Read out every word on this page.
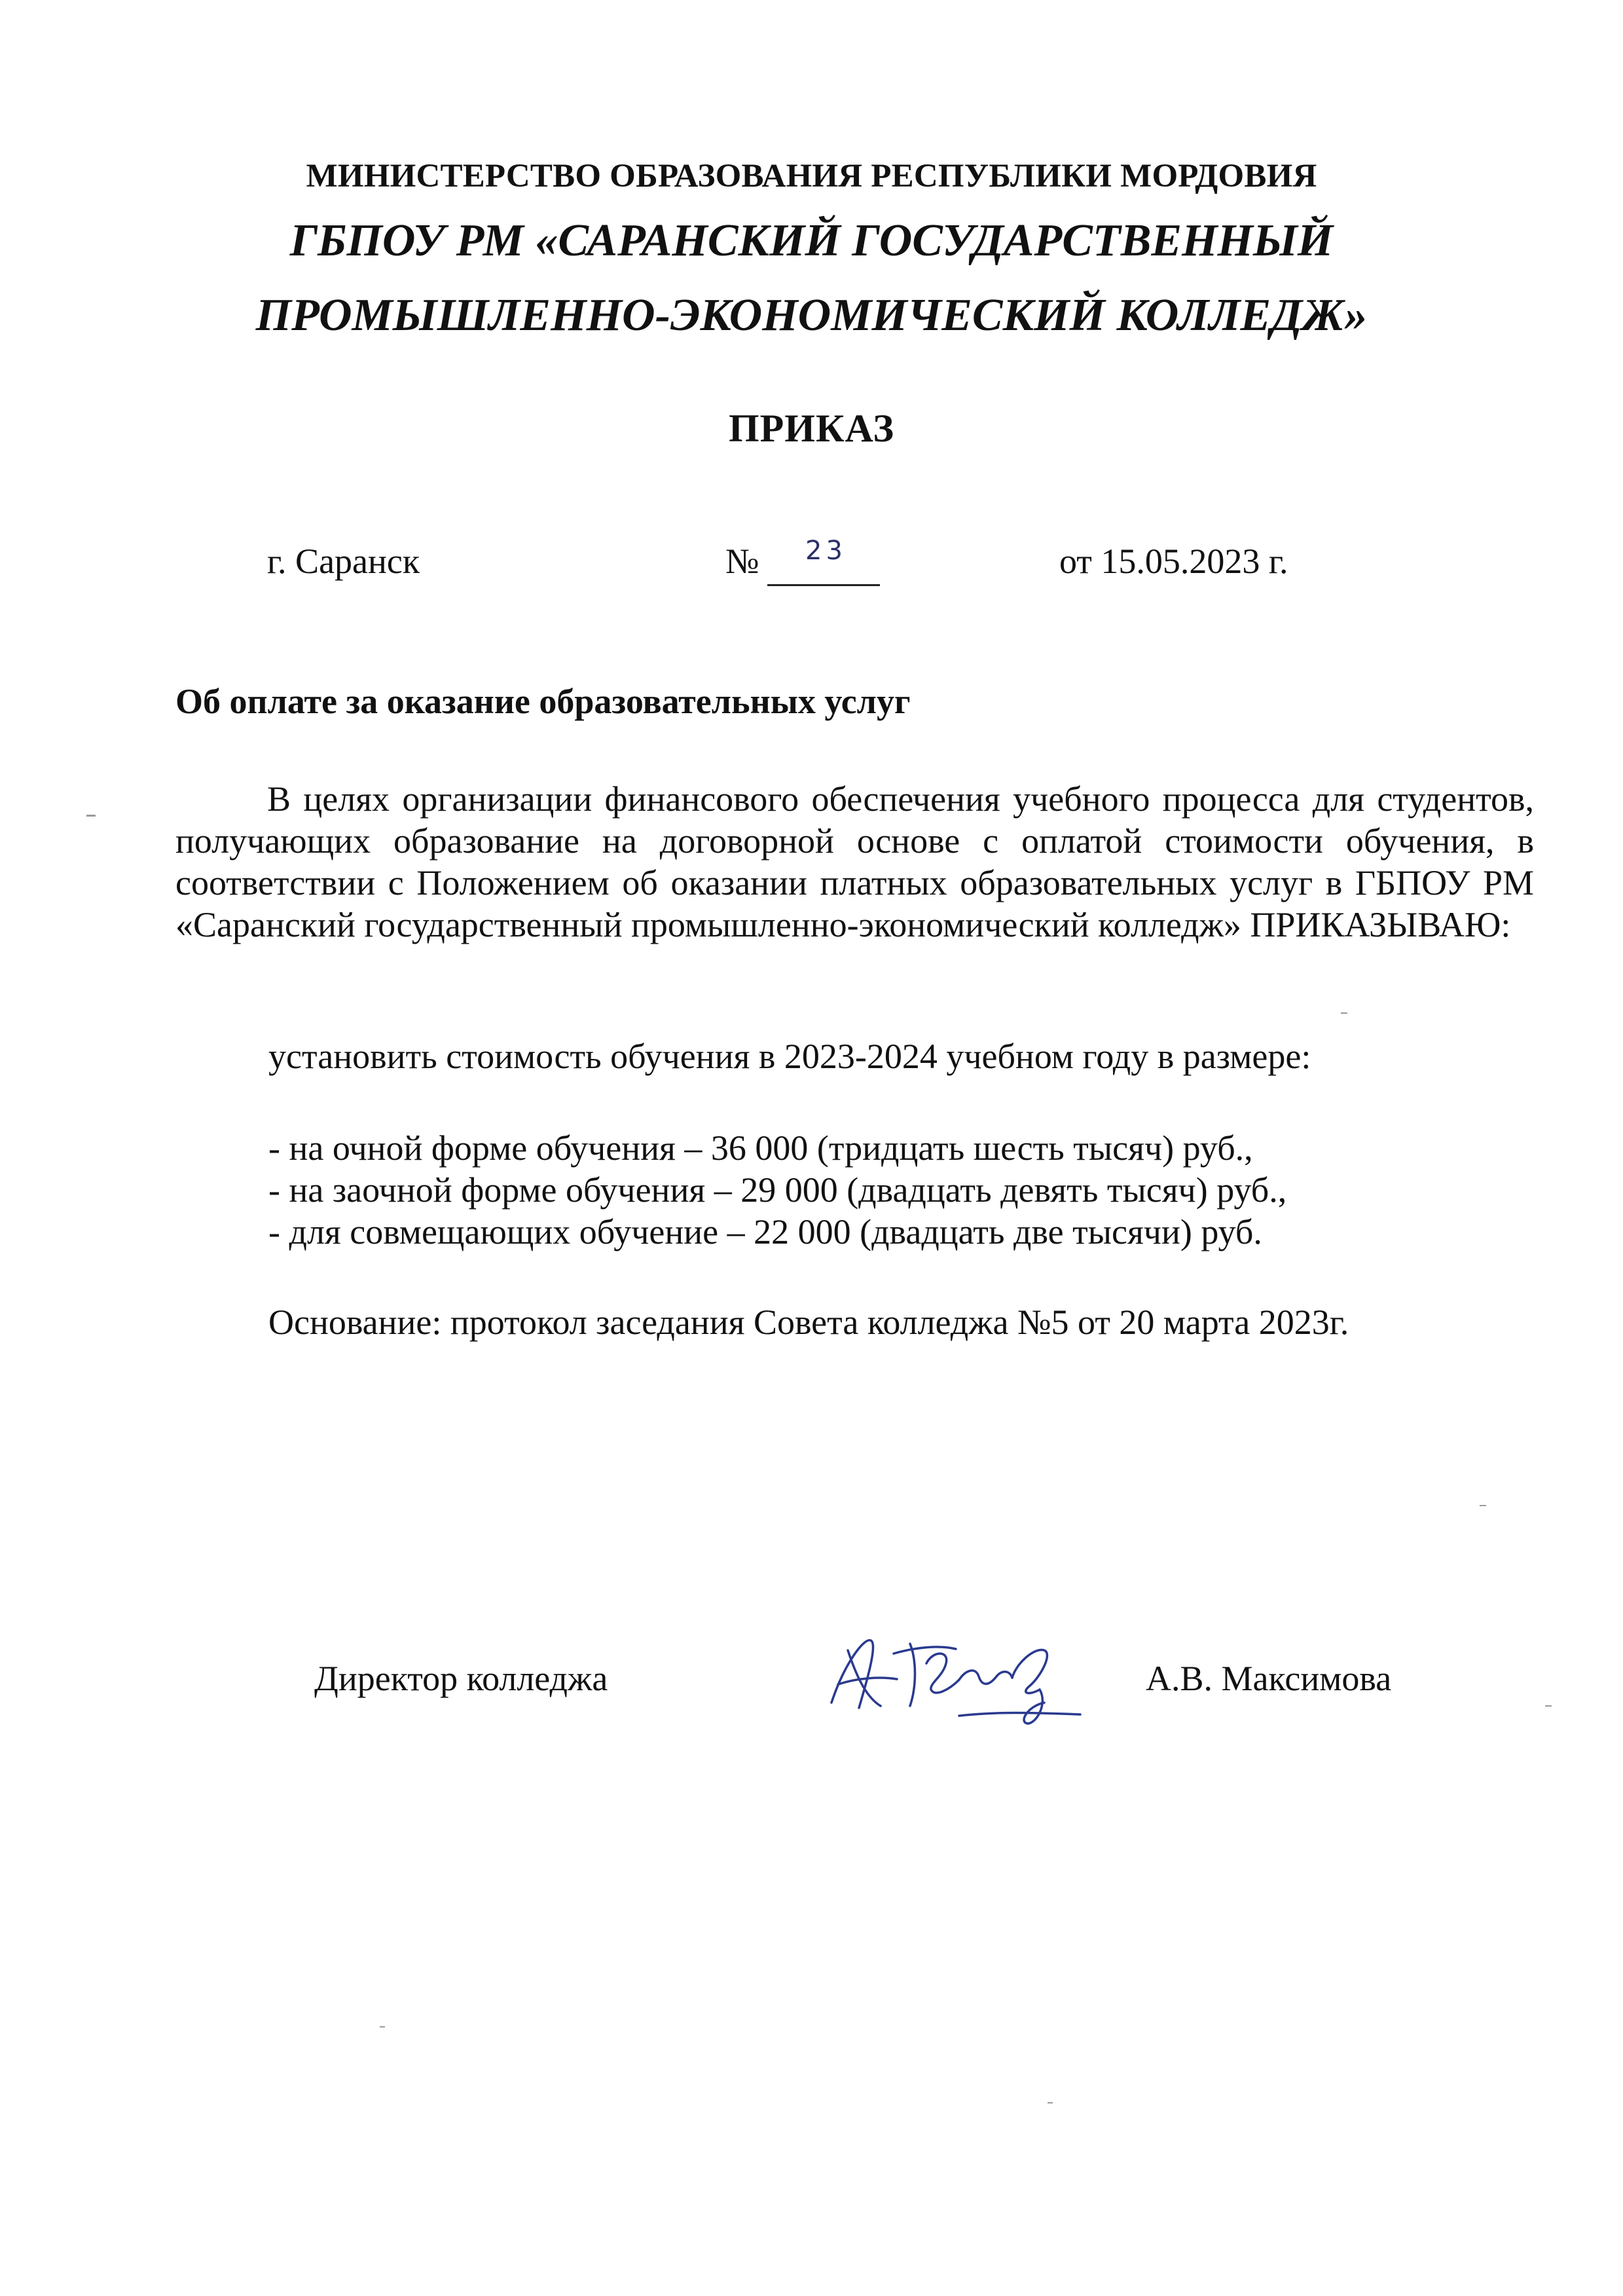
МИНИСТЕРСТВО ОБРАЗОВАНИЯ РЕСПУБЛИКИ МОРДОВИЯ
ГБПОУ РМ «САРАНСКИЙ ГОСУДАРСТВЕННЫЙ
ПРОМЫШЛЕННО-ЭКОНОМИЧЕСКИЙ КОЛЛЕДЖ»
ПРИКАЗ
г. Саранск	№ 23	от 15.05.2023 г.
Об оплате за оказание образовательных услуг

В целях организации финансового обеспечения учебного процесса для студентов, получающих образование на договорной основе с оплатой стоимости обучения, в соответствии с Положением об оказании платных образовательных услуг в ГБПОУ РМ «Саранский государственный промышленно-экономический колледж» ПРИКАЗЫВАЮ:

установить стоимость обучения в 2023-2024 учебном году в размере:
- на очной форме обучения – 36 000 (тридцать шесть тысяч) руб.,
- на заочной форме обучения – 29 000 (двадцать девять тысяч) руб.,
- для совмещающих обучение – 22 000 (двадцать две тысячи) руб.
Основание: протокол заседания Совета колледжа №5 от 20 марта 2023г.
Директор колледжа	А.В. Максимова
